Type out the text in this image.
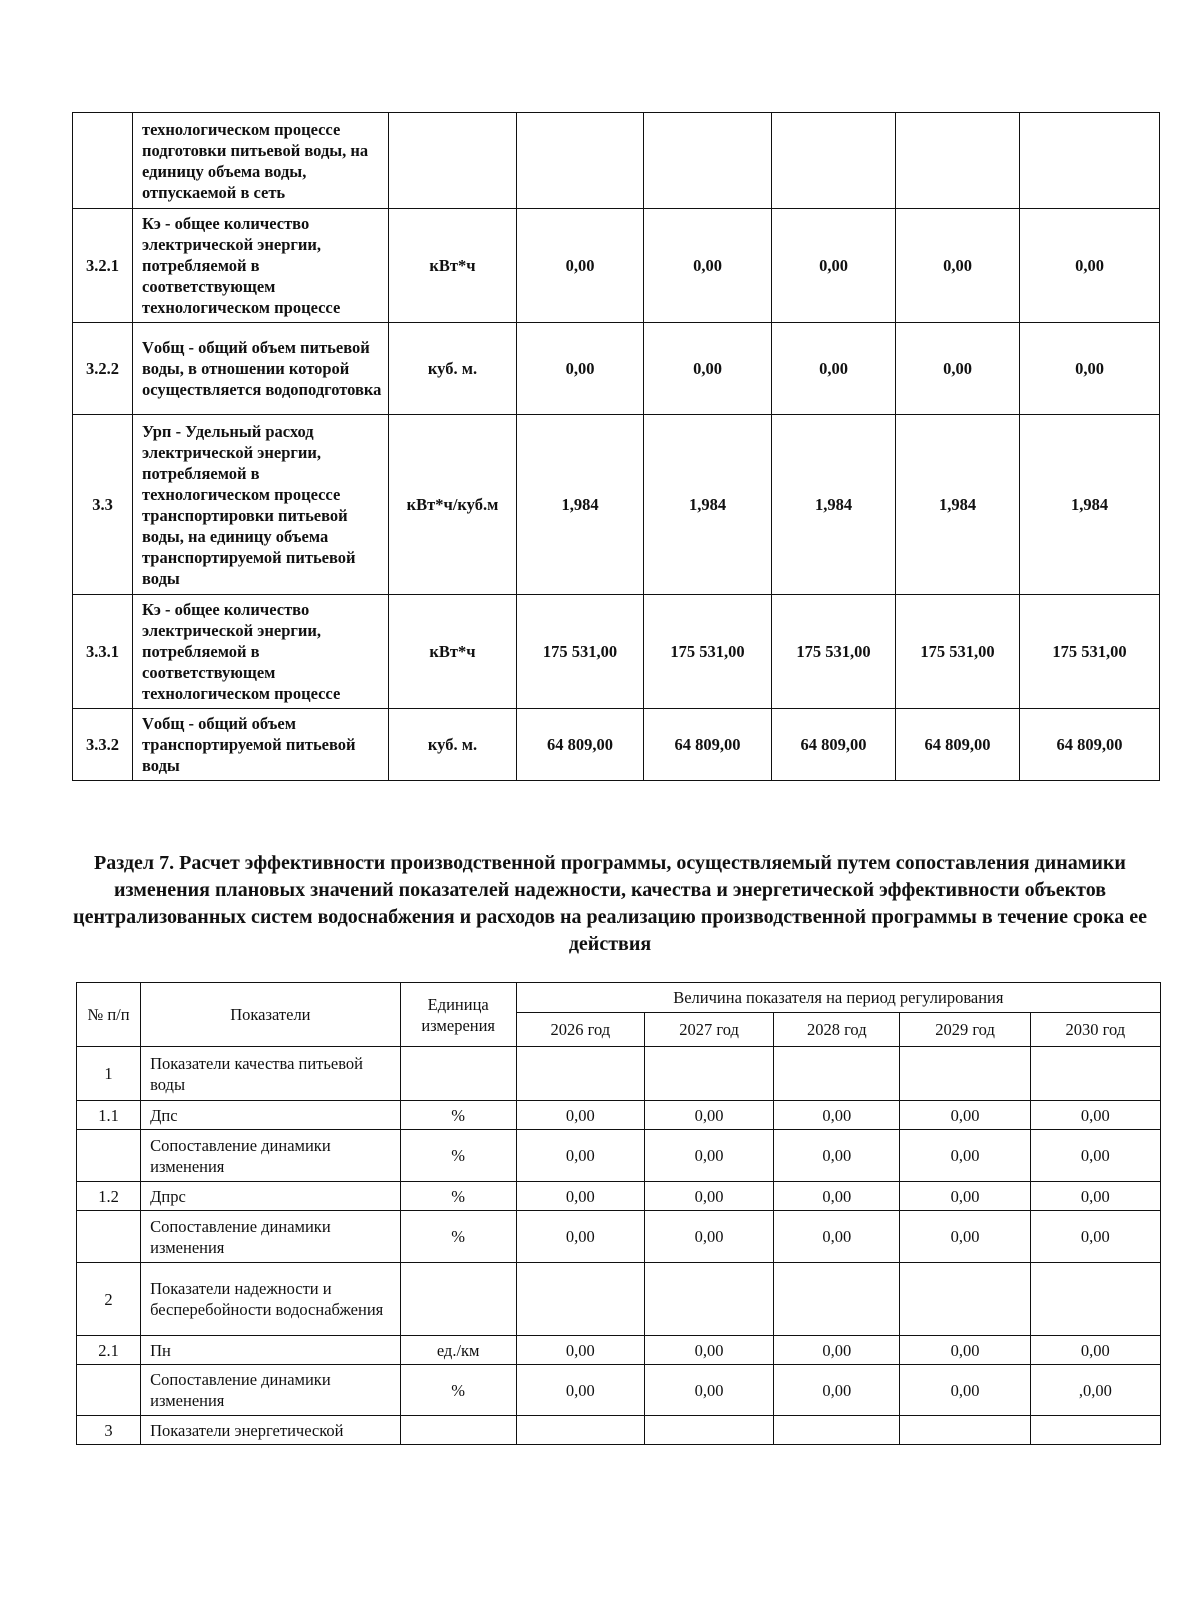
	технологическом процессе подготовки питьевой воды, на единицу объема воды, отпускаемой в сеть						
3.2.1	Кэ - общее количество электрической энергии, потребляемой в соответствующем технологическом процессе	кВт*ч	0,00	0,00	0,00	0,00	0,00
3.2.2	Vобщ - общий объем питьевой воды, в отношении которой осуществляется водоподготовка	куб. м.	0,00	0,00	0,00	0,00	0,00
3.3	Урп - Удельный расход электрической энергии, потребляемой в технологическом процессе транспортировки питьевой воды, на единицу объема транспортируемой питьевой воды	кВт*ч/куб.м	1,984	1,984	1,984	1,984	1,984
3.3.1	Кэ - общее количество электрической энергии, потребляемой в соответствующем технологическом процессе	кВт*ч	175 531,00	175 531,00	175 531,00	175 531,00	175 531,00
3.3.2	Vобщ - общий объем транспортируемой питьевой воды	куб. м.	64 809,00	64 809,00	64 809,00	64 809,00	64 809,00
Раздел 7. Расчет эффективности производственной программы, осуществляемый путем сопоставления динамики изменения плановых значений показателей надежности, качества и энергетической эффективности объектов централизованных систем водоснабжения и расходов на реализацию производственной программы в течение срока ее действия
№ п/п	Показатели	Единица измерения	Величина показателя на период регулирования				
			2026 год	2027 год	2028 год	2029 год	2030 год
1	Показатели качества питьевой воды						
1.1	Дпс	%	0,00	0,00	0,00	0,00	0,00
	Сопоставление динамики изменения	%	0,00	0,00	0,00	0,00	0,00
1.2	Дпрс	%	0,00	0,00	0,00	0,00	0,00
	Сопоставление динамики изменения	%	0,00	0,00	0,00	0,00	0,00
2	Показатели надежности и бесперебойности водоснабжения						
2.1	Пн	ед./км	0,00	0,00	0,00	0,00	0,00
	Сопоставление динамики изменения	%	0,00	0,00	0,00	0,00	,0,00
3	Показатели энергетической						
